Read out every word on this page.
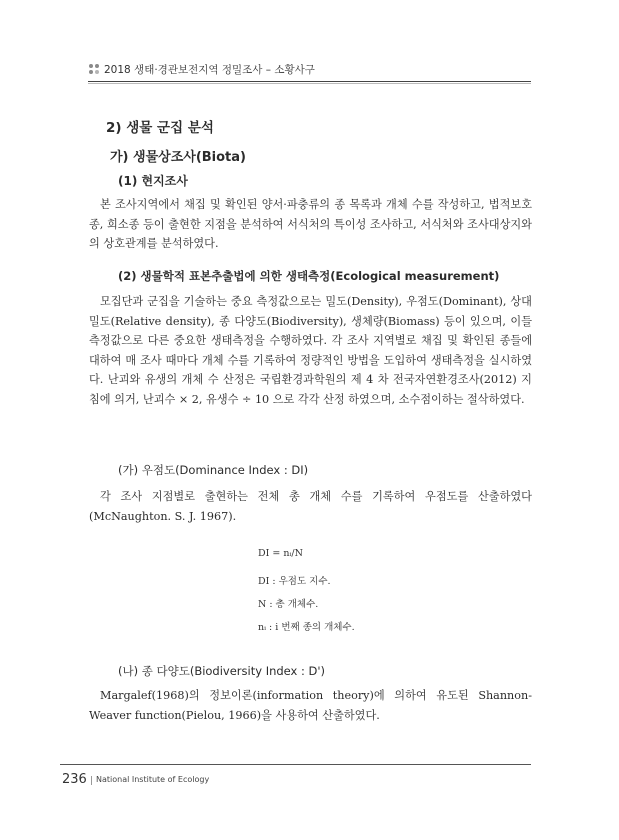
2018 생태·경관보전지역 정밀조사 – 소황사구
2) 생물 군집 분석
가) 생물상조사(Biota)
(1) 현지조사
본 조사지역에서 채집 및 확인된 양서·파충류의 종 목록과 개체 수를 작성하고, 법적보호종, 희소종 등이 출현한 지점을 분석하여 서식처의 특이성 조사하고, 서식처와 조사대상지와의 상호관계를 분석하였다.
(2) 생물학적 표본추출법에 의한 생태측정(Ecological measurement)
모집단과 군집을 기술하는 중요 측정값으로는 밀도(Density), 우점도(Dominant), 상대밀도(Relative density), 종 다양도(Biodiversity), 생체량(Biomass) 등이 있으며, 이들 측정값으로 다른 중요한 생태측정을 수행하였다. 각 조사 지역별로 채집 및 확인된 종들에 대하여 매 조사 때마다 개체 수를 기록하여 정량적인 방법을 도입하여 생태측정을 실시하였다. 난괴와 유생의 개체 수 산정은 국립환경과학원의 제 4 차 전국자연환경조사(2012) 지침에 의거, 난괴수 × 2, 유생수 ÷ 10 으로 각각 산정 하였으며, 소수점이하는 절삭하였다.
(가) 우점도(Dominance Index : DI)
각 조사 지점별로 출현하는 전체 총 개체 수를 기록하여 우점도를 산출하였다(McNaughton. S. J. 1967).
DI = nᵢ/N
DI : 우점도 지수.
N : 총 개체수.
nᵢ : i 번째 종의 개체수.
(나) 종 다양도(Biodiversity Index : D')
Margalef(1968)의 정보이론(information theory)에 의하여 유도된 Shannon-Weaver function(Pielou, 1966)을 사용하여 산출하였다.
236 National Institute of Ecology
